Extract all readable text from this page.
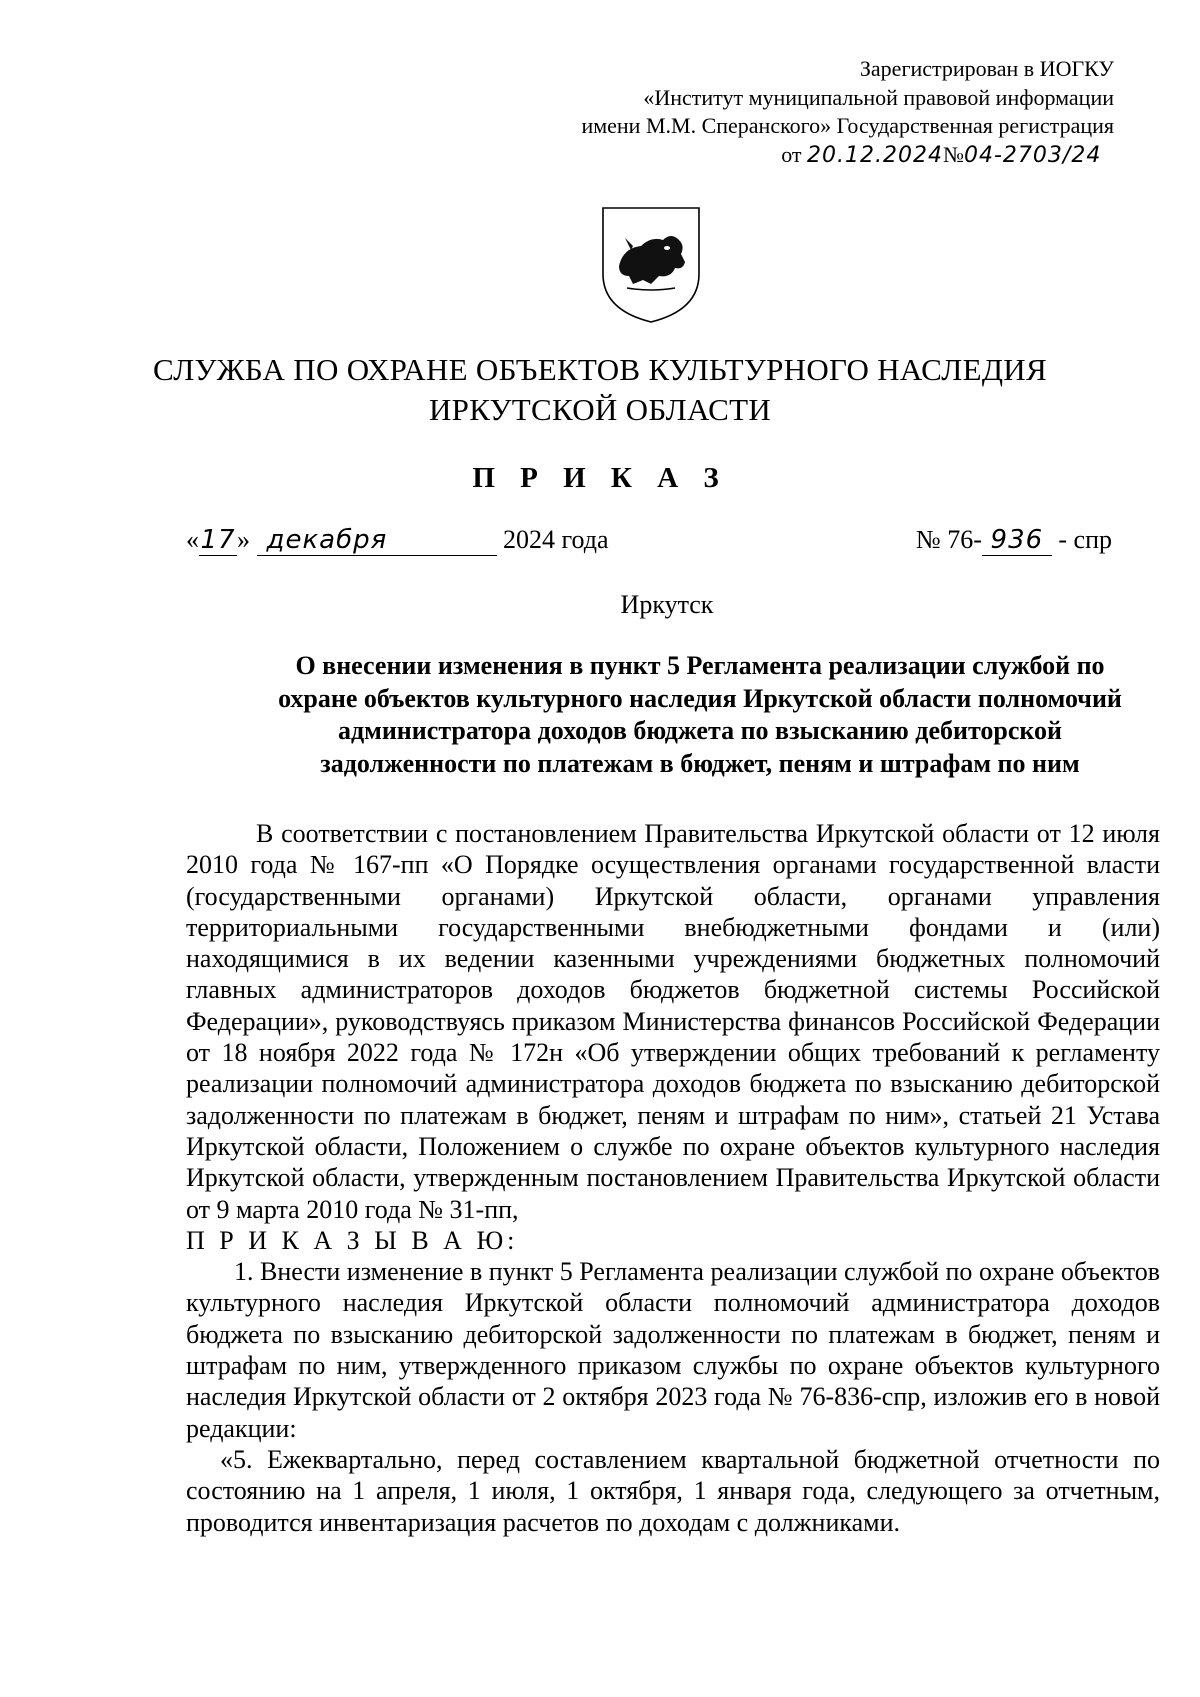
Зарегистрирован в ИОГКУ
«Институт муниципальной правовой информации
имени М.М. Сперанского» Государственная регистрация
от 20.12.2024№04-2703/24
СЛУЖБА ПО ОХРАНЕ ОБЪЕКТОВ КУЛЬТУРНОГО НАСЛЕДИЯ
ИРКУТСКОЙ ОБЛАСТИ
П Р И К А З
«17» декабря	2024 года	№ 76- 936 - спр
Иркутск
О внесении изменения в пункт 5 Регламента реализации службой по
охране объектов культурного наследия Иркутской области полномочий
администратора доходов бюджета по взысканию дебиторской
задолженности по платежам в бюджет, пеням и штрафам по ним

В соответствии с постановлением Правительства Иркутской области от 12 июля 2010 года № 167-пп «О Порядке осуществления органами государственной власти (государственными органами) Иркутской области, органами управления территориальными государственными внебюджетными фондами и (или) находящимися в их ведении казенными учреждениями бюджетных полномочий главных администраторов доходов бюджетов бюджетной системы Российской Федерации», руководствуясь приказом Министерства финансов Российской Федерации от 18 ноября 2022 года № 172н «Об утверждении общих требований к регламенту реализации полномочий администратора доходов бюджета по взысканию дебиторской задолженности по платежам в бюджет, пеням и штрафам по ним», статьей 21 Устава Иркутской области, Положением о службе по охране объектов культурного наследия Иркутской области, утвержденным постановлением Правительства Иркутской области от 9 марта 2010 года № 31-пп,

П Р И К А З Ы В А Ю:

1. Внести изменение в пункт 5 Регламента реализации службой по охране объектов культурного наследия Иркутской области полномочий администратора доходов бюджета по взысканию дебиторской задолженности по платежам в бюджет, пеням и штрафам по ним, утвержденного приказом службы по охране объектов культурного наследия Иркутской области от 2 октября 2023 года № 76-836-спр, изложив его в новой редакции:

«5. Ежеквартально, перед составлением квартальной бюджетной отчетности по состоянию на 1 апреля, 1 июля, 1 октября, 1 января года, следующего за отчетным, проводится инвентаризация расчетов по доходам с должниками.
